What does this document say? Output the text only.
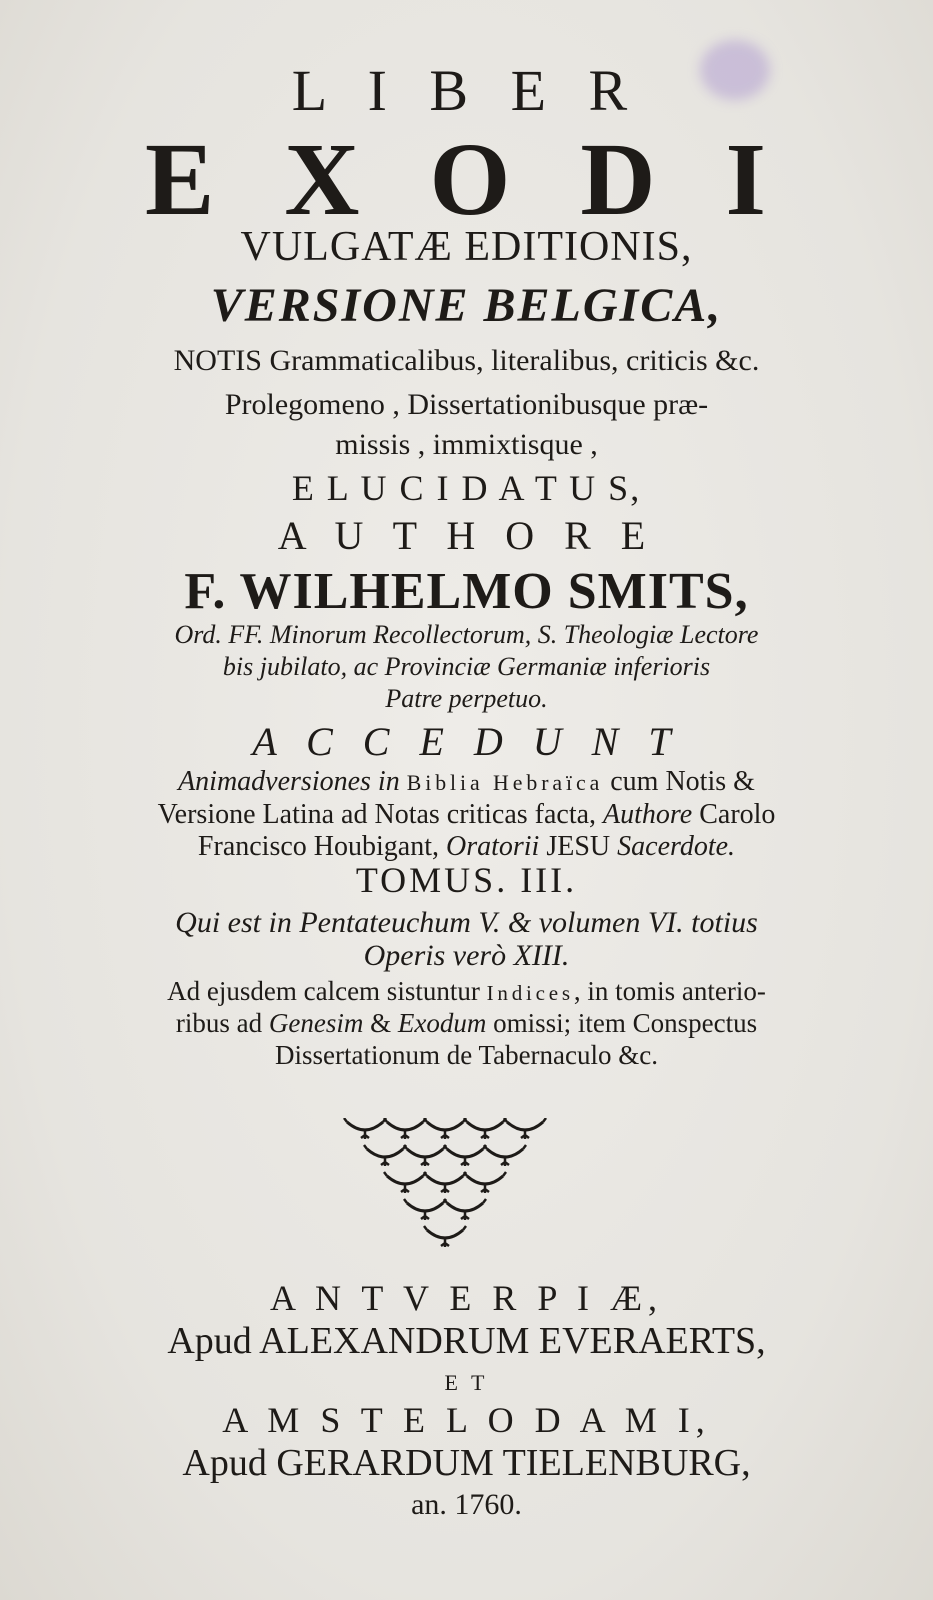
L I B E R
E X O D I
VULGATÆ EDITIONIS,
VERSIONE BELGICA,
NOTIS Grammaticalibus, literalibus, criticis &c.
Prolegomeno , Dissertationibusque præ-
missis , immixtisque ,
E L U C I D A T U S,
A U T H O R E
F. WILHELMO SMITS,
Ord. FF. Minorum Recollectorum, S. Theologiæ Lectore
bis jubilato, ac Provinciæ Germaniæ inferioris
Patre perpetuo.
A C C E D U N T
Animadversiones in Biblia Hebraïca cum Notis &
Versione Latina ad Notas criticas facta, Authore Carolo
Francisco Houbigant, Oratorii JESU Sacerdote.
TOMUS. III.
Qui est in Pentateuchum V. & volumen VI. totius
Operis verò XIII.
Ad ejusdem calcem sistuntur Indices, in tomis anterio-
ribus ad Genesim & Exodum omissi; item Conspectus
Dissertationum de Tabernaculo &c.
A N T V E R P I Æ,
Apud ALEXANDRUM EVERAERTS,
E T
A M S T E L O D A M I,
Apud GERARDUM TIELENBURG,
an. 1760.
